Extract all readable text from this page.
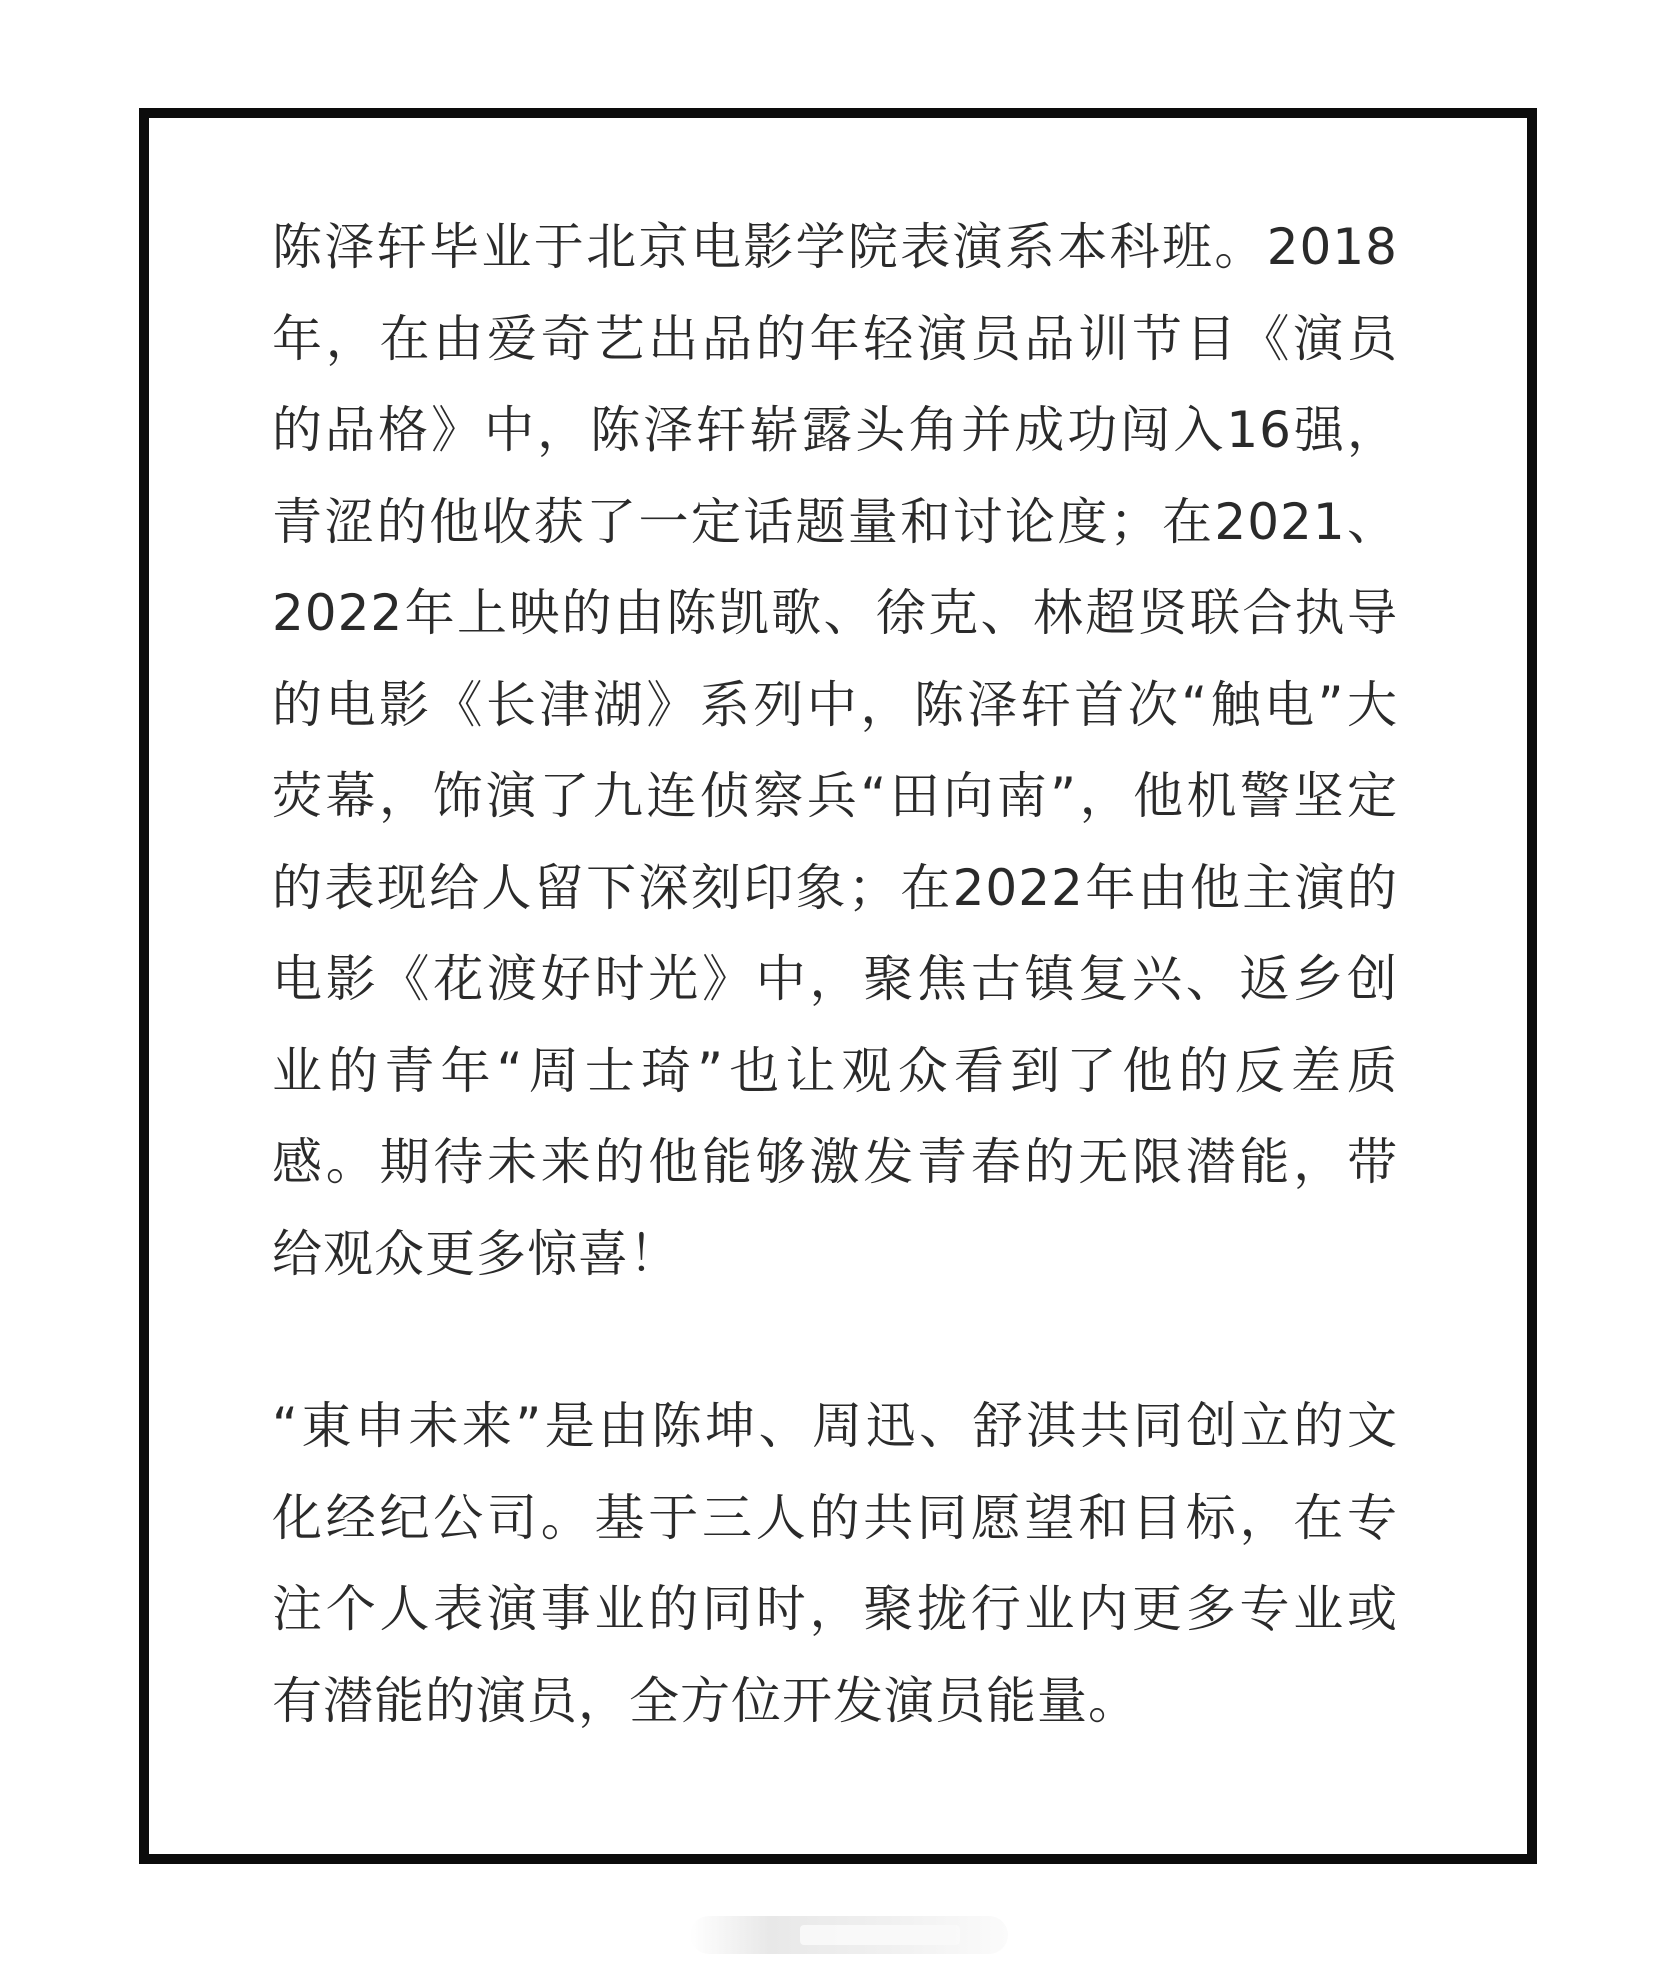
陈泽轩毕业于北京电影学院表演系本科班。2018
年，在由爱奇艺出品的年轻演员品训节目《演员
的品格》中，陈泽轩崭露头角并成功闯入16强，
青涩的他收获了一定话题量和讨论度；在2021、
2022年上映的由陈凯歌、徐克、林超贤联合执导
的电影《长津湖》系列中，陈泽轩首次“触电”大
荧幕，饰演了九连侦察兵“田向南”，他机警坚定
的表现给人留下深刻印象；在2022年由他主演的
电影《花渡好时光》中，聚焦古镇复兴、返乡创
业的青年“周士琦”也让观众看到了他的反差质
感。期待未来的他能够激发青春的无限潜能，带
给观众更多惊喜！
“東申未来”是由陈坤、周迅、舒淇共同创立的文
化经纪公司。基于三人的共同愿望和目标，在专
注个人表演事业的同时，聚拢行业内更多专业或
有潜能的演员，全方位开发演员能量。
